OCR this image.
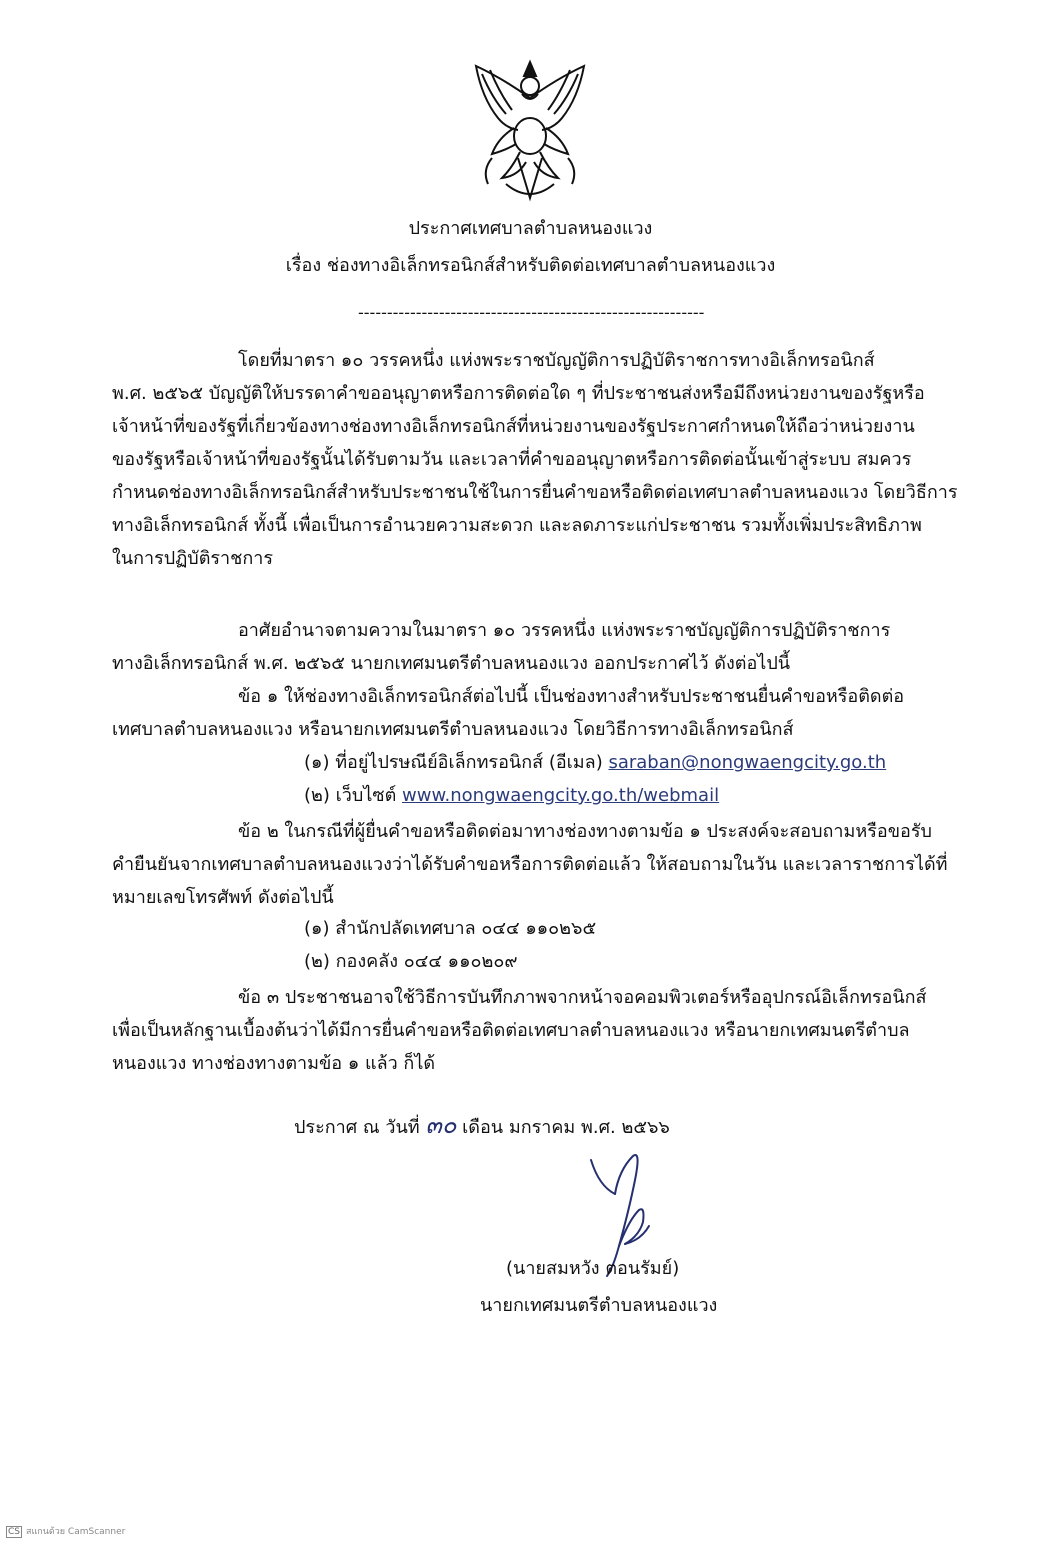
ประกาศเทศบาลตำบลหนองแวง
เรื่อง ช่องทางอิเล็กทรอนิกส์สำหรับติดต่อเทศบาลตำบลหนองแวง
------------------------------------------------------------

โดยที่มาตรา ๑๐ วรรคหนึ่ง แห่งพระราชบัญญัติการปฏิบัติราชการทางอิเล็กทรอนิกส์

พ.ศ. ๒๕๖๕ บัญญัติให้บรรดาคำขออนุญาตหรือการติดต่อใด ๆ ที่ประชาชนส่งหรือมีถึงหน่วยงานของรัฐหรือ

เจ้าหน้าที่ของรัฐที่เกี่ยวข้องทางช่องทางอิเล็กทรอนิกส์ที่หน่วยงานของรัฐประกาศกำหนดให้ถือว่าหน่วยงาน

ของรัฐหรือเจ้าหน้าที่ของรัฐนั้นได้รับตามวัน และเวลาที่คำขออนุญาตหรือการติดต่อนั้นเข้าสู่ระบบ สมควร

กำหนดช่องทางอิเล็กทรอนิกส์สำหรับประชาชนใช้ในการยื่นคำขอหรือติดต่อเทศบาลตำบลหนองแวง โดยวิธีการ

ทางอิเล็กทรอนิกส์ ทั้งนี้ เพื่อเป็นการอำนวยความสะดวก และลดภาระแก่ประชาชน รวมทั้งเพิ่มประสิทธิภาพ

ในการปฏิบัติราชการ

อาศัยอำนาจตามความในมาตรา ๑๐ วรรคหนึ่ง แห่งพระราชบัญญัติการปฏิบัติราชการ

ทางอิเล็กทรอนิกส์ พ.ศ. ๒๕๖๕ นายกเทศมนตรีตำบลหนองแวง ออกประกาศไว้ ดังต่อไปนี้

ข้อ ๑ ให้ช่องทางอิเล็กทรอนิกส์ต่อไปนี้ เป็นช่องทางสำหรับประชาชนยื่นคำขอหรือติดต่อ

เทศบาลตำบลหนองแวง หรือนายกเทศมนตรีตำบลหนองแวง โดยวิธีการทางอิเล็กทรอนิกส์

(๑) ที่อยู่ไปรษณีย์อิเล็กทรอนิกส์ (อีเมล) saraban@nongwaengcity.go.th

(๒) เว็บไซต์ www.nongwaengcity.go.th/webmail

ข้อ ๒ ในกรณีที่ผู้ยื่นคำขอหรือติดต่อมาทางช่องทางตามข้อ ๑ ประสงค์จะสอบถามหรือขอรับ

คำยืนยันจากเทศบาลตำบลหนองแวงว่าได้รับคำขอหรือการติดต่อแล้ว ให้สอบถามในวัน และเวลาราชการได้ที่

หมายเลขโทรศัพท์ ดังต่อไปนี้

(๑) สำนักปลัดเทศบาล ๐๔๔ ๑๑๐๒๖๕

(๒) กองคลัง ๐๔๔ ๑๑๐๒๐๙

ข้อ ๓ ประชาชนอาจใช้วิธีการบันทึกภาพจากหน้าจอคอมพิวเตอร์หรืออุปกรณ์อิเล็กทรอนิกส์

เพื่อเป็นหลักฐานเบื้องต้นว่าได้มีการยื่นคำขอหรือติดต่อเทศบาลตำบลหนองแวง หรือนายกเทศมนตรีตำบล

หนองแวง ทางช่องทางตามข้อ ๑ แล้ว ก็ได้

ประกาศ ณ วันที่ ๓๐ เดือน มกราคม พ.ศ. ๒๕๖๖
(นายสมหวัง ตอนรัมย์)
นายกเทศมนตรีตำบลหนองแวง
CS สแกนด้วย CamScanner
